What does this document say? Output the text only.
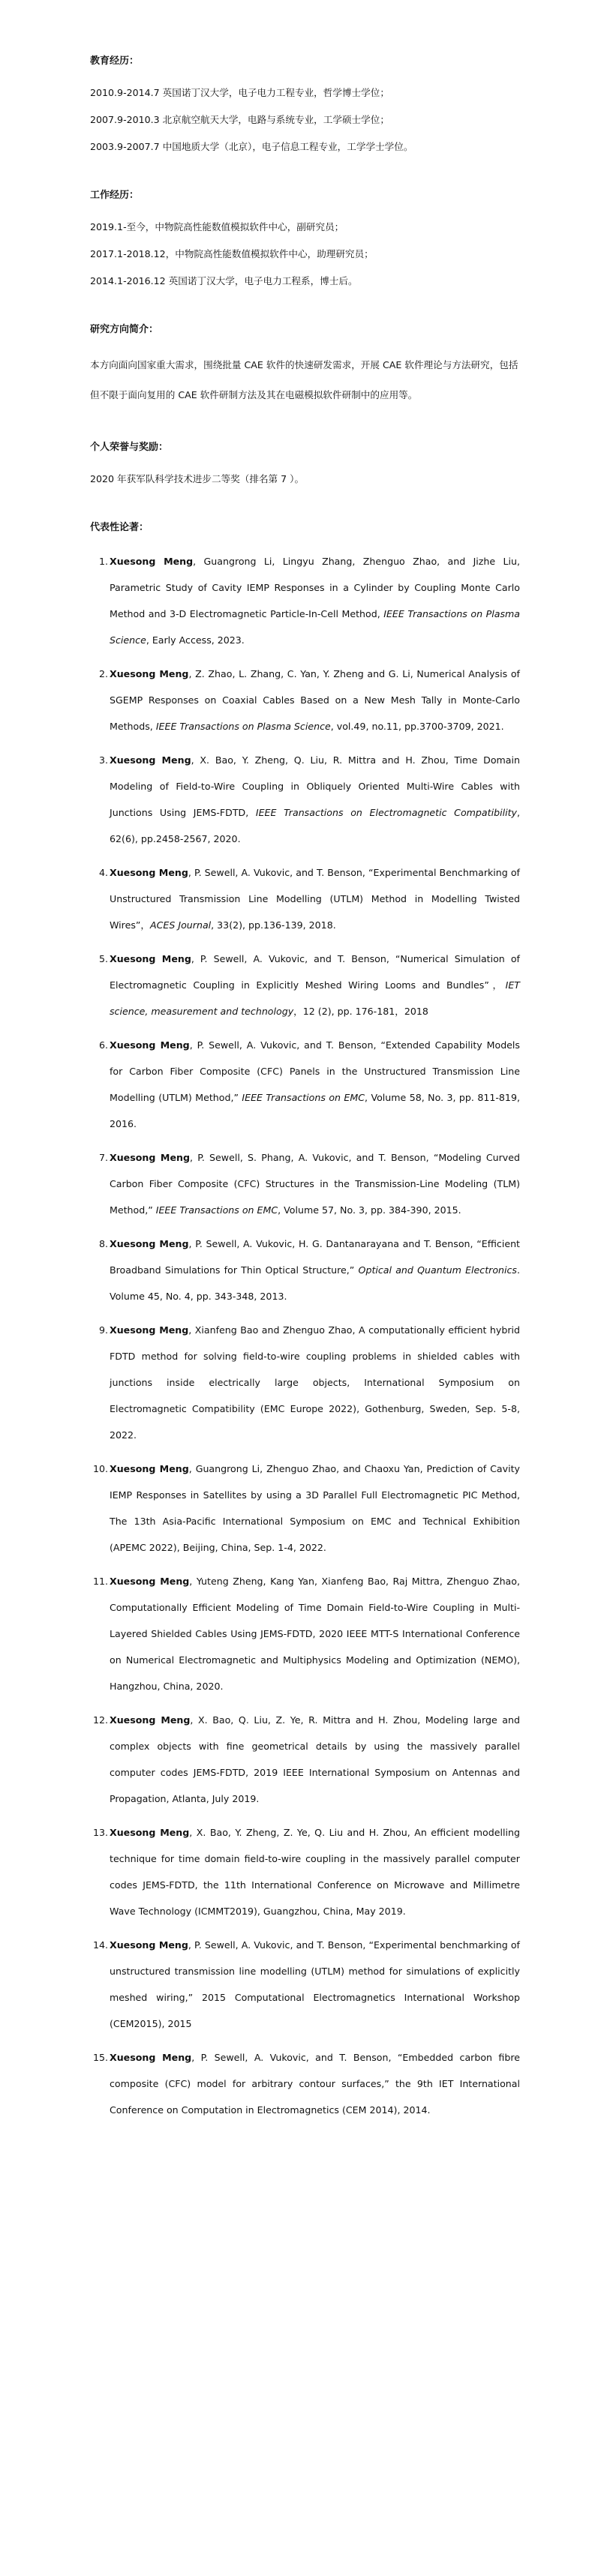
教育经历：

2010.9-2014.7 英国诺丁汉大学，电子电力工程专业，哲学博士学位；

2007.9-2010.3 北京航空航天大学，电路与系统专业，工学硕士学位；

2003.9-2007.7 中国地质大学（北京），电子信息工程专业，工学学士学位。

工作经历：

2019.1-至今，中物院高性能数值模拟软件中心，副研究员；

2017.1-2018.12，中物院高性能数值模拟软件中心，助理研究员；

2014.1-2016.12 英国诺丁汉大学，电子电力工程系，博士后。

研究方向简介：

本方向面向国家重大需求，围绕批量 CAE 软件的快速研发需求，开展 CAE 软件理论与方法研究，包括但不限于面向复用的 CAE 软件研制方法及其在电磁模拟软件研制中的应用等。

个人荣誉与奖励：

2020 年获军队科学技术进步二等奖（排名第 7 ）。

代表性论著：

1. Xuesong Meng, Guangrong Li, Lingyu Zhang, Zhenguo Zhao, and Jizhe Liu, Parametric Study of Cavity IEMP Responses in a Cylinder by Coupling Monte Carlo Method and 3-D Electromagnetic Particle-In-Cell Method, IEEE Transactions on Plasma Science, Early Access, 2023.
2. Xuesong Meng, Z. Zhao, L. Zhang, C. Yan, Y. Zheng and G. Li, Numerical Analysis of SGEMP Responses on Coaxial Cables Based on a New Mesh Tally in Monte-Carlo Methods, IEEE Transactions on Plasma Science, vol.49, no.11, pp.3700-3709, 2021.
3. Xuesong Meng, X. Bao, Y. Zheng, Q. Liu, R. Mittra and H. Zhou, Time Domain Modeling of Field-to-Wire Coupling in Obliquely Oriented Multi-Wire Cables with Junctions Using JEMS-FDTD, IEEE Transactions on Electromagnetic Compatibility, 62(6), pp.2458-2567, 2020.
4. Xuesong Meng, P. Sewell, A. Vukovic, and T. Benson, “Experimental Benchmarking of Unstructured Transmission Line Modelling (UTLM) Method in Modelling Twisted Wires”，ACES Journal, 33(2), pp.136-139, 2018.
5. Xuesong Meng, P. Sewell, A. Vukovic, and T. Benson, “Numerical Simulation of Electromagnetic Coupling in Explicitly Meshed Wiring Looms and Bundles”，IET science, measurement and technology，12 (2), pp. 176-181，2018
6. Xuesong Meng, P. Sewell, A. Vukovic, and T. Benson, “Extended Capability Models for Carbon Fiber Composite (CFC) Panels in the Unstructured Transmission Line Modelling (UTLM) Method,” IEEE Transactions on EMC, Volume 58, No. 3, pp. 811-819, 2016.
7. Xuesong Meng, P. Sewell, S. Phang, A. Vukovic, and T. Benson, “Modeling Curved Carbon Fiber Composite (CFC) Structures in the Transmission-Line Modeling (TLM) Method,” IEEE Transactions on EMC, Volume 57, No. 3, pp. 384-390, 2015.
8. Xuesong Meng, P. Sewell, A. Vukovic, H. G. Dantanarayana and T. Benson, “Efficient Broadband Simulations for Thin Optical Structure,” Optical and Quantum Electronics. Volume 45, No. 4, pp. 343-348, 2013.
9. Xuesong Meng, Xianfeng Bao and Zhenguo Zhao, A computationally efficient hybrid FDTD method for solving field-to-wire coupling problems in shielded cables with junctions inside electrically large objects, International Symposium on Electromagnetic Compatibility (EMC Europe 2022), Gothenburg, Sweden, Sep. 5-8, 2022.
10. Xuesong Meng, Guangrong Li, Zhenguo Zhao, and Chaoxu Yan, Prediction of Cavity IEMP Responses in Satellites by using a 3D Parallel Full Electromagnetic PIC Method, The 13th Asia-Pacific International Symposium on EMC and Technical Exhibition (APEMC 2022), Beijing, China, Sep. 1-4, 2022.
11. Xuesong Meng, Yuteng Zheng, Kang Yan, Xianfeng Bao, Raj Mittra, Zhenguo Zhao, Computationally Efficient Modeling of Time Domain Field-to-Wire Coupling in Multi-Layered Shielded Cables Using JEMS-FDTD, 2020 IEEE MTT-S International Conference on Numerical Electromagnetic and Multiphysics Modeling and Optimization (NEMO), Hangzhou, China, 2020.
12. Xuesong Meng, X. Bao, Q. Liu, Z. Ye, R. Mittra and H. Zhou, Modeling large and complex objects with fine geometrical details by using the massively parallel computer codes JEMS-FDTD, 2019 IEEE International Symposium on Antennas and Propagation, Atlanta, July 2019.
13. Xuesong Meng, X. Bao, Y. Zheng, Z. Ye, Q. Liu and H. Zhou, An efficient modelling technique for time domain field-to-wire coupling in the massively parallel computer codes JEMS-FDTD, the 11th International Conference on Microwave and Millimetre Wave Technology (ICMMT2019), Guangzhou, China, May 2019.
14. Xuesong Meng, P. Sewell, A. Vukovic, and T. Benson, “Experimental benchmarking of unstructured transmission line modelling (UTLM) method for simulations of explicitly meshed wiring,” 2015 Computational Electromagnetics International Workshop (CEM2015), 2015
15. Xuesong Meng, P. Sewell, A. Vukovic, and T. Benson, “Embedded carbon fibre composite (CFC) model for arbitrary contour surfaces,” the 9th IET International Conference on Computation in Electromagnetics (CEM 2014), 2014.
